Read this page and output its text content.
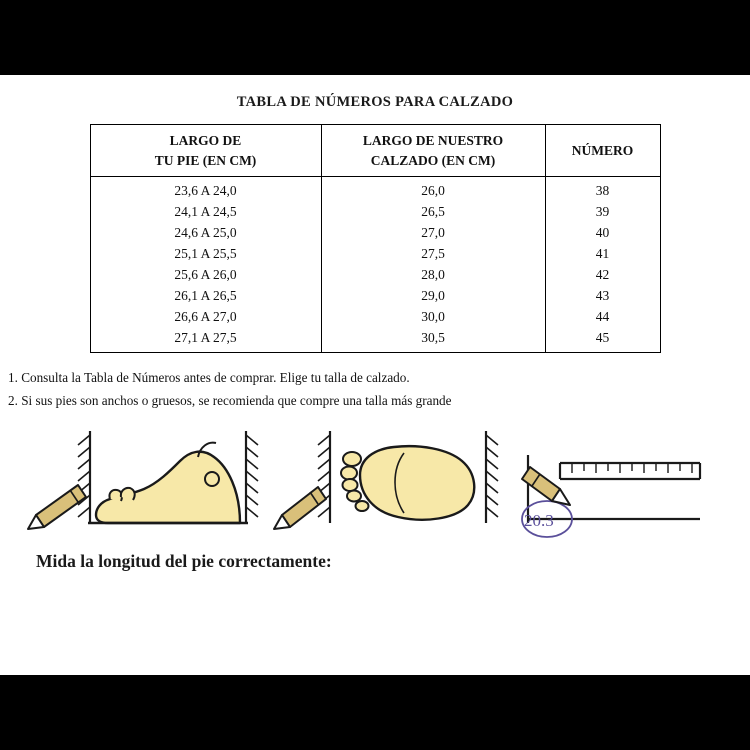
TABLA DE NÚMEROS PARA CALZADO
LARGO DE
TU PIE (EN CM)

LARGO DE NUESTRO
CALZADO (EN CM)

NÚMERO

23,6 A 24,0	26,0	38
24,1 A 24,5	26,5	39
24,6 A 25,0	27,0	40
25,1 A 25,5	27,5	41
25,6 A 26,0	28,0	42
26,1 A 26,5	29,0	43
26,6 A 27,0	30,0	44
27,1 A 27,5	30,5	45
1. Consulta la Tabla de Números antes de comprar. Elige tu talla de calzado.
2. Si sus pies son anchos o gruesos, se recomienda que compre una talla más grande
20.3
Mida la longitud del pie correctamente:
